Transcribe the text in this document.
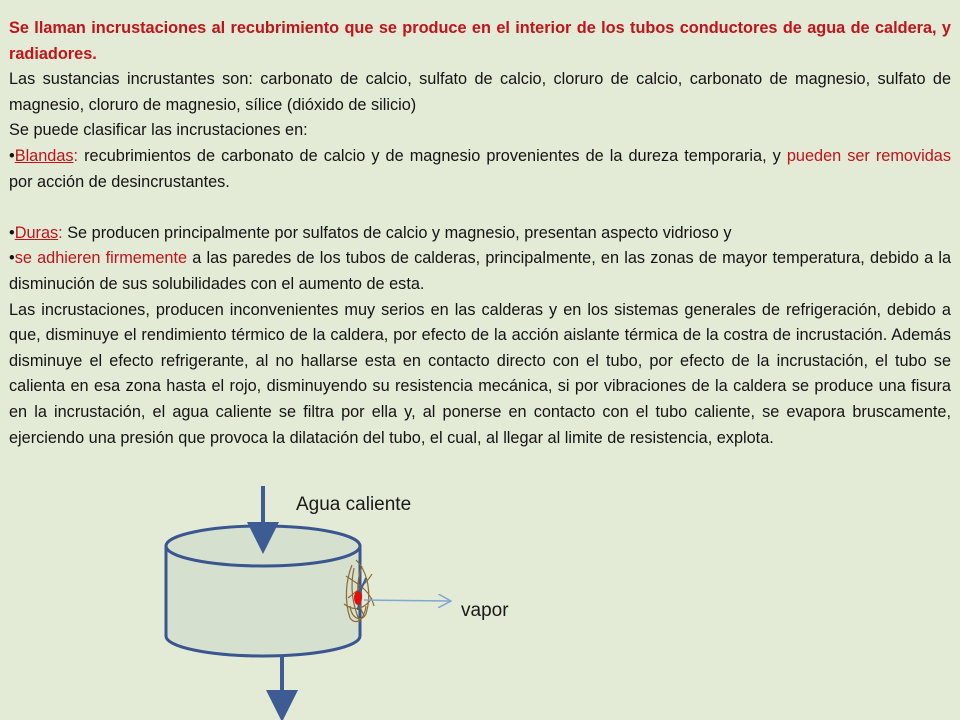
Se llaman incrustaciones al recubrimiento que se produce en el interior de los tubos conductores de agua de caldera, y radiadores.

Las sustancias incrustantes son: carbonato de calcio, sulfato de calcio, cloruro de calcio, carbonato de magnesio, sulfato de magnesio, cloruro de magnesio, sílice (dióxido de silicio)

Se puede clasificar las incrustaciones en:

•Blandas: recubrimientos de carbonato de calcio y de magnesio provenientes de la dureza temporaria, y pueden ser removidas por acción de desincrustantes.

•Duras: Se producen principalmente por sulfatos de calcio y magnesio, presentan aspecto vidrioso y

•se adhieren firmemente a las paredes de los tubos de calderas, principalmente, en las zonas de mayor temperatura, debido a la disminución de sus solubilidades con el aumento de esta.

Las incrustaciones, producen inconvenientes muy serios en las calderas y en los sistemas generales de refrigeración, debido a que, disminuye el rendimiento térmico de la caldera, por efecto de la acción aislante térmica de la costra de incrustación. Además disminuye el efecto refrigerante, al no hallarse esta en contacto directo con el tubo, por efecto de la incrustación, el tubo se calienta en esa zona hasta el rojo, disminuyendo su resistencia mecánica, si por vibraciones de la caldera se produce una fisura en la incrustación, el agua caliente se filtra por ella y, al ponerse en contacto con el tubo caliente, se evapora bruscamente, ejerciendo una presión que provoca la dilatación del tubo, el cual, al llegar al limite de resistencia, explota.

Agua caliente
vapor
